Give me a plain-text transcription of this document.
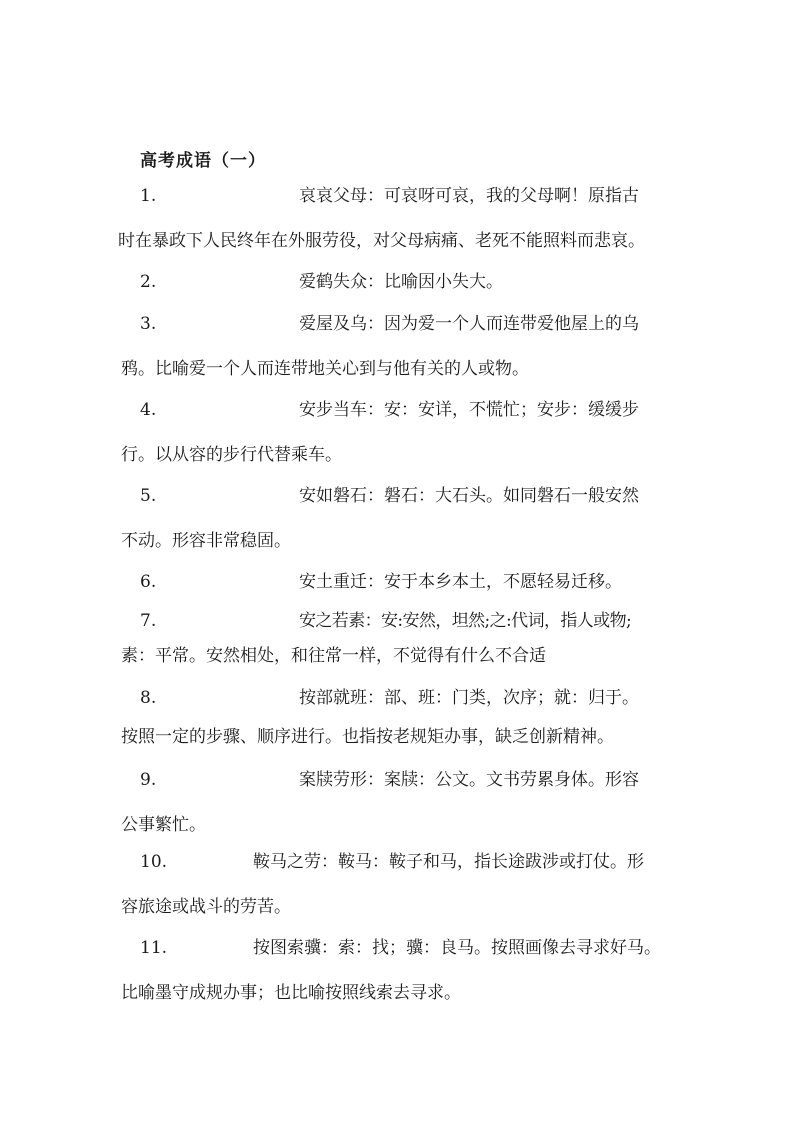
高考成语（一）
1.	哀哀父母：可哀呀可哀，我的父母啊！原指古
时在暴政下人民终年在外服劳役，对父母病痛、老死不能照料而悲哀。
2.	爱鹤失众：比喻因小失大。
3.	爱屋及乌：因为爱一个人而连带爱他屋上的乌
鸦。比喻爱一个人而连带地关心到与他有关的人或物。
4.	安步当车：安：安详，不慌忙；安步：缓缓步
行。以从容的步行代替乘车。
5.	安如磐石：磐石：大石头。如同磐石一般安然
不动。形容非常稳固。
6.	安土重迁：安于本乡本土，不愿轻易迁移。
7.	安之若素：安:安然，坦然;之:代词，指人或物;
素：平常。安然相处，和往常一样，不觉得有什么不合适
8.	按部就班：部、班：门类，次序；就：归于。
按照一定的步骤、顺序进行。也指按老规矩办事，缺乏创新精神。
9.	案牍劳形：案牍：公文。文书劳累身体。形容
公事繁忙。
10.	鞍马之劳：鞍马：鞍子和马，指长途跋涉或打仗。形
容旅途或战斗的劳苦。
11.	按图索骥：索：找；骥：良马。按照画像去寻求好马。
比喻墨守成规办事；也比喻按照线索去寻求。
